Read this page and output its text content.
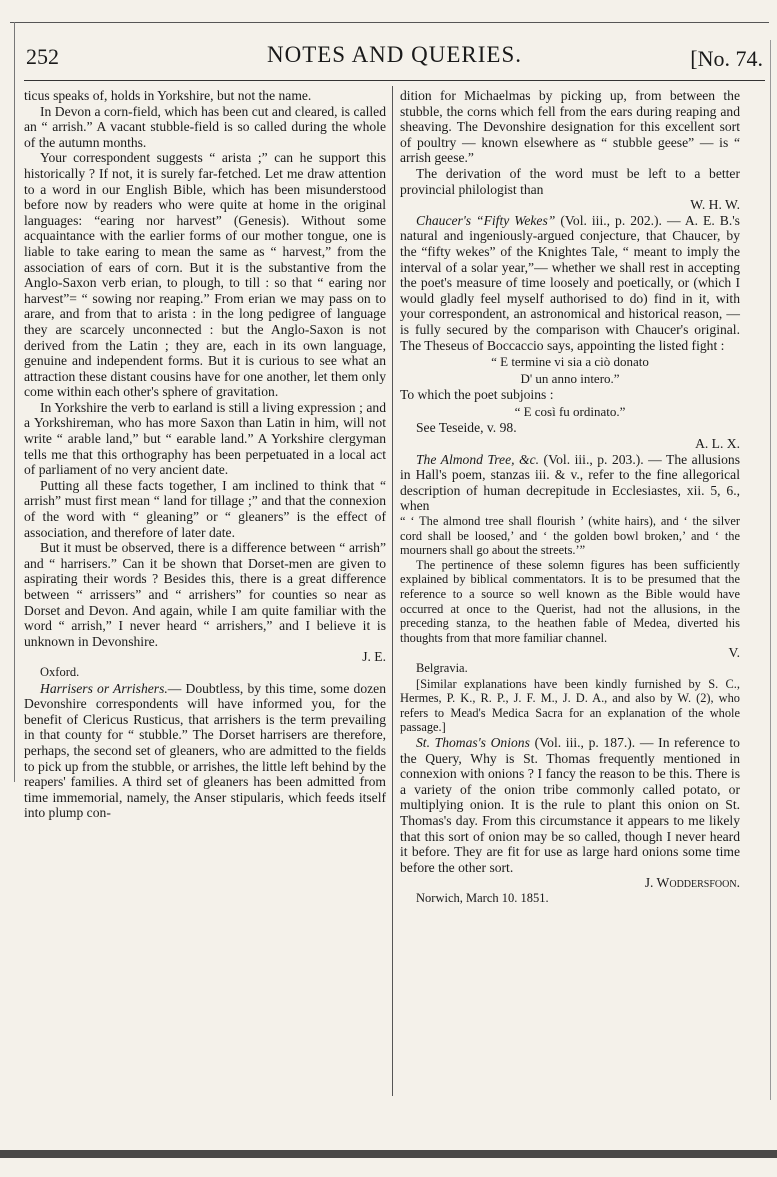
252	NOTES AND QUERIES.	[No. 74.

ticus speaks of, holds in Yorkshire, but not the name.

In Devon a corn-field, which has been cut and cleared, is called an “ arrish.” A vacant stubble-field is so called during the whole of the autumn months.

Your correspondent suggests “ arista ;” can he support this historically ? If not, it is surely far-fetched. Let me draw attention to a word in our English Bible, which has been misunderstood before now by readers who were quite at home in the original languages: “earing nor harvest” (Genesis). Without some acquaintance with the earlier forms of our mother tongue, one is liable to take earing to mean the same as “ harvest,” from the association of ears of corn. But it is the substantive from the Anglo-Saxon verb erian, to plough, to till : so that “ earing nor harvest”= “ sowing nor reaping.” From erian we may pass on to arare, and from that to arista : in the long pedigree of language they are scarcely unconnected : but the Anglo-Saxon is not derived from the Latin ; they are, each in its own language, genuine and independent forms. But it is curious to see what an attraction these distant cousins have for one another, let them only come within each other's sphere of gravitation.

In Yorkshire the verb to earland is still a living expression ; and a Yorkshireman, who has more Saxon than Latin in him, will not write “ arable land,” but “ earable land.” A Yorkshire clergyman tells me that this orthography has been perpetuated in a local act of parliament of no very ancient date.

Putting all these facts together, I am inclined to think that “ arrish” must first mean “ land for tillage ;” and that the connexion of the word with “ gleaning” or “ gleaners” is the effect of association, and therefore of later date.

But it must be observed, there is a difference between “ arrish” and “ harrisers.” Can it be shown that Dorset-men are given to aspirating their words ? Besides this, there is a great difference between “ arrissers” and “ arrishers” for counties so near as Dorset and Devon. And again, while I am quite familiar with the word “ arrish,” I never heard “ arrishers,” and I believe it is unknown in Devonshire.

J. E.
Oxford.

Harrisers or Arrishers.— Doubtless, by this time, some dozen Devonshire correspondents will have informed you, for the benefit of Clericus Rusticus, that arrishers is the term prevailing in that county for “ stubble.” The Dorset harrisers are therefore, perhaps, the second set of gleaners, who are admitted to the fields to pick up from the stubble, or arrishes, the little left behind by the reapers' families. A third set of gleaners has been admitted from time immemorial, namely, the Anser stipularis, which feeds itself into plump con-

dition for Michaelmas by picking up, from between the stubble, the corns which fell from the ears during reaping and sheaving. The Devonshire designation for this excellent sort of poultry — known elsewhere as “ stubble geese” — is “ arrish geese.”

The derivation of the word must be left to a better provincial philologist than

W. H. W.

Chaucer's “Fifty Wekes” (Vol. iii., p. 202.). — A. E. B.'s natural and ingeniously-argued conjecture, that Chaucer, by the “fifty wekes” of the Knightes Tale, “ meant to imply the interval of a solar year,”— whether we shall rest in accepting the poet's measure of time loosely and poetically, or (which I would gladly feel myself authorised to do) find in it, with your correspondent, an astronomical and historical reason, — is fully secured by the comparison with Chaucer's original. The Theseus of Boccaccio says, appointing the listed fight :

“ E termine vi sia a ciò donato
D' un anno intero.”

To which the poet subjoins :

“ E così fu ordinato.”

See Teseide, v. 98.

A. L. X.

The Almond Tree, &c. (Vol. iii., p. 203.). — The allusions in Hall's poem, stanzas iii. & v., refer to the fine allegorical description of human decrepitude in Ecclesiastes, xii. 5, 6., when

“ ‘ The almond tree shall flourish ’ (white hairs), and ‘ the silver cord shall be loosed,’ and ‘ the golden bowl broken,’ and ‘ the mourners shall go about the streets.’”

The pertinence of these solemn figures has been sufficiently explained by biblical commentators. It is to be presumed that the reference to a source so well known as the Bible would have occurred at once to the Querist, had not the allusions, in the preceding stanza, to the heathen fable of Medea, diverted his thoughts from that more familiar channel.

V.
Belgravia.

[Similar explanations have been kindly furnished by S. C., Hermes, P. K., R. P., J. F. M., J. D. A., and also by W. (2), who refers to Mead's Medica Sacra for an explanation of the whole passage.]

St. Thomas's Onions (Vol. iii., p. 187.). — In reference to the Query, Why is St. Thomas frequently mentioned in connexion with onions ? I fancy the reason to be this. There is a variety of the onion tribe commonly called potato, or multiplying onion. It is the rule to plant this onion on St. Thomas's day. From this circumstance it appears to me likely that this sort of onion may be so called, though I never heard it before. They are fit for use as large hard onions some time before the other sort.

J. Woddersfoon.
Norwich, March 10. 1851.
